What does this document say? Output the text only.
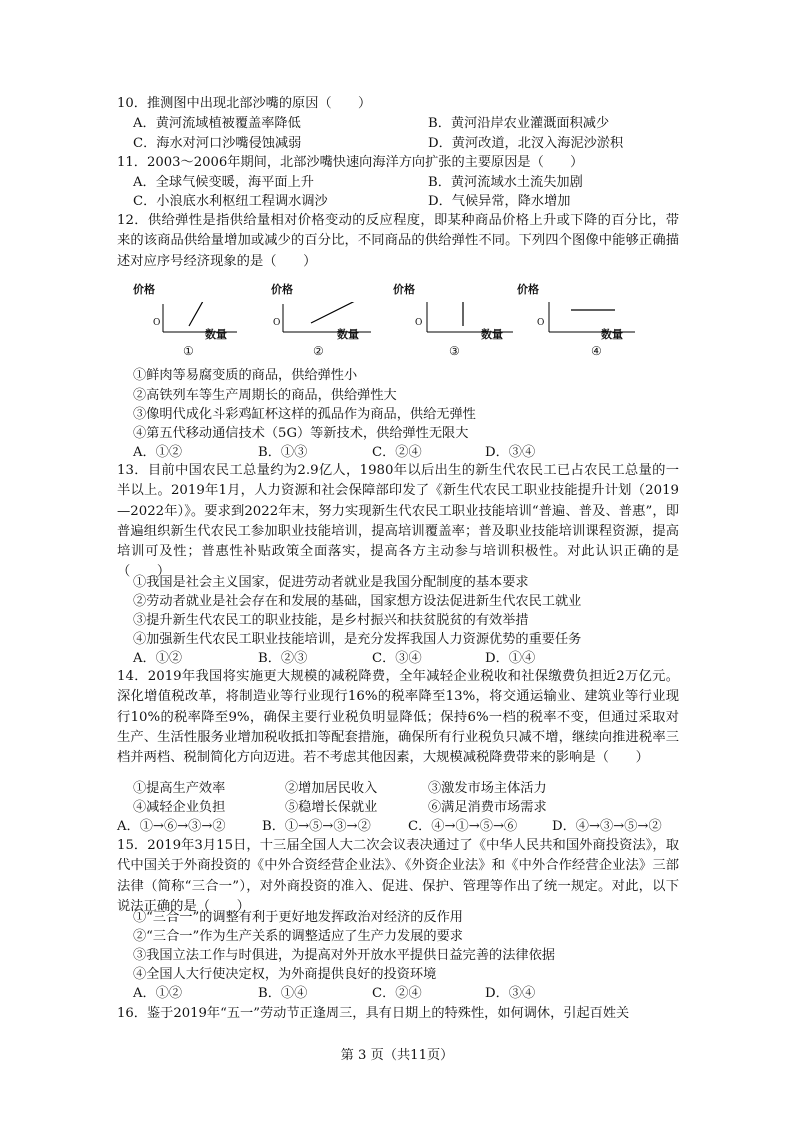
10．推测图中出现北部沙嘴的原因（　　）
A．黄河流域植被覆盖率降低	B．黄河沿岸农业灌溉面积减少
C．海水对河口沙嘴侵蚀减弱	D．黄河改道，北汊入海泥沙淤积
11．2003～2006年期间，北部沙嘴快速向海洋方向扩张的主要原因是（　　）
A．全球气候变暖，海平面上升	B．黄河流域水土流失加剧
C．小浪底水利枢纽工程调水调沙	D．气候异常，降水增加
12．供给弹性是指供给量相对价格变动的反应程度，即某种商品价格上升或下降的百分比，带来的该商品供给量增加或减少的百分比，不同商品的供给弹性不同。下列四个图像中能够正确描述对应序号经济现象的是（　　）
价格	价格	价格	价格
O	O	O	O
数量	数量	数量	数量
①	②	③	④
①鲜肉等易腐变质的商品，供给弹性小
②高铁列车等生产周期长的商品，供给弹性大
③像明代成化斗彩鸡缸杯这样的孤品作为商品，供给无弹性
④第五代移动通信技术（5G）等新技术，供给弹性无限大
A．①②	B．①③	C．②④	D．③④
13．目前中国农民工总量约为2.9亿人，1980年以后出生的新生代农民工已占农民工总量的一半以上。2019年1月，人力资源和社会保障部印发了《新生代农民工职业技能提升计划（2019—2022年）》。要求到2022年末，努力实现新生代农民工职业技能培训“普遍、普及、普惠”，即普遍组织新生代农民工参加职业技能培训，提高培训覆盖率；普及职业技能培训课程资源，提高培训可及性；普惠性补贴政策全面落实，提高各方主动参与培训积极性。对此认识正确的是（　　）
①我国是社会主义国家，促进劳动者就业是我国分配制度的基本要求
②劳动者就业是社会存在和发展的基础，国家想方设法促进新生代农民工就业
③提升新生代农民工的职业技能，是乡村振兴和扶贫脱贫的有效举措
④加强新生代农民工职业技能培训，是充分发挥我国人力资源优势的重要任务
A．①②	B．②③	C．③④	D．①④
14．2019年我国将实施更大规模的减税降费，全年减轻企业税收和社保缴费负担近2万亿元。深化增值税改革，将制造业等行业现行16%的税率降至13%，将交通运输业、建筑业等行业现行10%的税率降至9%，确保主要行业税负明显降低；保持6%一档的税率不变，但通过采取对生产、生活性服务业增加税收抵扣等配套措施，确保所有行业税负只减不增，继续向推进税率三档并两档、税制简化方向迈进。若不考虑其他因素，大规模减税降费带来的影响是（　　）
①提高生产效率	②增加居民收入	③激发市场主体活力
④减轻企业负担	⑤稳增长保就业	⑥满足消费市场需求
A．①→⑥→③→②	B．①→⑤→③→②	C．④→①→⑤→⑥	D．④→③→⑤→②
15．2019年3月15日，十三届全国人大二次会议表决通过了《中华人民共和国外商投资法》，取代中国关于外商投资的《中外合资经营企业法》、《外资企业法》和《中外合作经营企业法》三部法律（简称“三合一”），对外商投资的准入、促进、保护、管理等作出了统一规定。对此，以下说法正确的是（　　）
①“三合一”的调整有利于更好地发挥政治对经济的反作用
②“三合一”作为生产关系的调整适应了生产力发展的要求
③我国立法工作与时俱进，为提高对外开放水平提供日益完善的法律依据
④全国人大行使决定权，为外商提供良好的投资环境
A．①②	B．①④	C．②④	D．③④
16．鉴于2019年“五一”劳动节正逢周三，具有日期上的特殊性，如何调休，引起百姓关
第 3 页（共11页）
